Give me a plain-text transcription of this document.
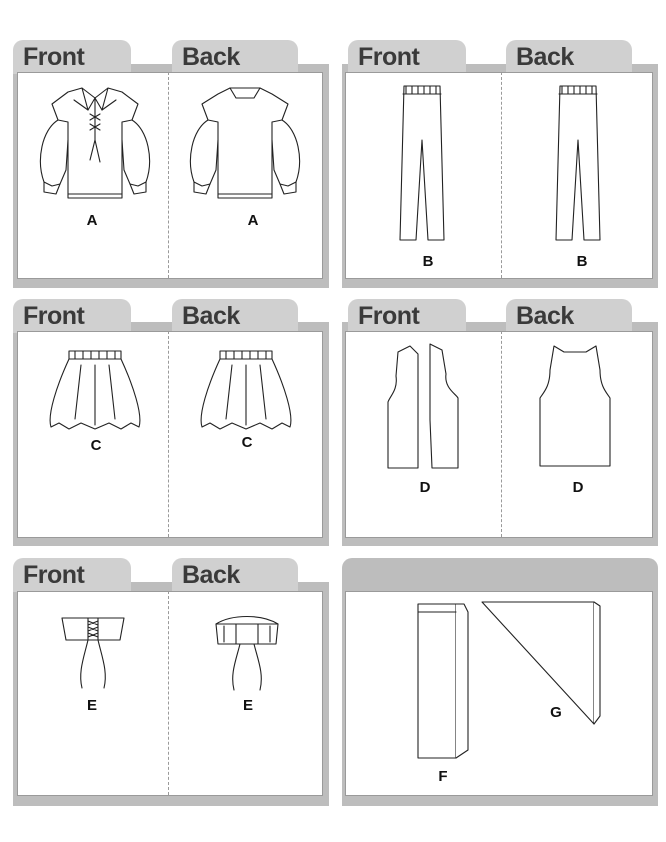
Front	Back
A	A
Front	Back
B	B
Front	Back
C	C
Front	Back
D	D
Front	Back
E	E
F
G
